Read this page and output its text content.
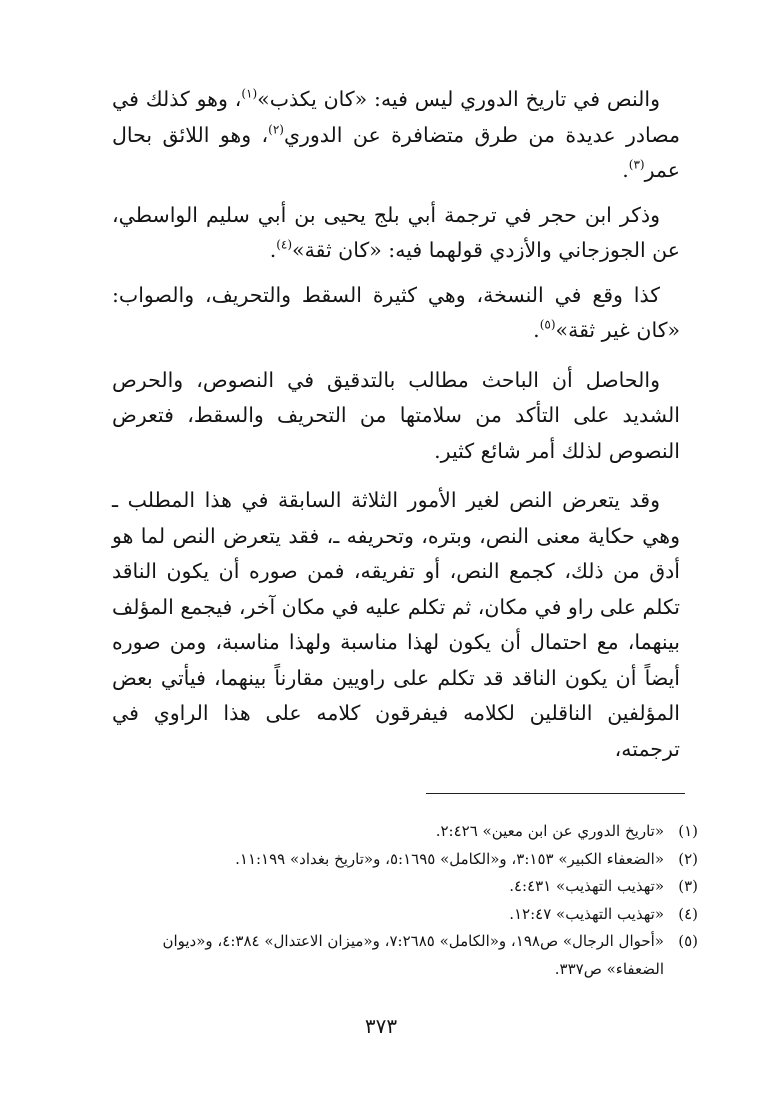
والنص في تاريخ الدوري ليس فيه: «كان يكذب»$^{(١)}$، وهو كذلك في مصادر عديدة من طرق متضافرة عن الدوري$^{(٢)}$، وهو اللائق بحال عمر$^{(٣)}$.

وذكر ابن حجر في ترجمة أبي بلج يحيى بن أبي سليم الواسطي، عن الجوزجاني والأزدي قولهما فيه: «كان ثقة»$^{(٤)}$.

كذا وقع في النسخة، وهي كثيرة السقط والتحريف، والصواب: «كان غير ثقة»$^{(٥)}$.

والحاصل أن الباحث مطالب بالتدقيق في النصوص، والحرص الشديد على التأكد من سلامتها من التحريف والسقط، فتعرض النصوص لذلك أمر شائع كثير.

وقد يتعرض النص لغير الأمور الثلاثة السابقة في هذا المطلب ـ وهي حكاية معنى النص، وبتره، وتحريفه ـ، فقد يتعرض النص لما هو أدق من ذلك، كجمع النص، أو تفريقه، فمن صوره أن يكون الناقد تكلم على راو في مكان، ثم تكلم عليه في مكان آخر، فيجمع المؤلف بينهما، مع احتمال أن يكون لهذا مناسبة ولهذا مناسبة، ومن صوره أيضاً أن يكون الناقد قد تكلم على راويين مقارناً بينهما، فيأتي بعض المؤلفين الناقلين لكلامه فيفرقون كلامه على هذا الراوي في ترجمته،

(١)
«تاريخ الدوري عن ابن معين» ٢:٤٢٦.
(٢)
«الضعفاء الكبير» ٣:١٥٣، و«الكامل» ٥:١٦٩٥، و«تاريخ بغداد» ١١:١٩٩.
(٣)
«تهذيب التهذيب» ٤:٤٣١.
(٤)
«تهذيب التهذيب» ١٢:٤٧.
(٥)
«أحوال الرجال» ص١٩٨، و«الكامل» ٧:٢٦٨٥، و«ميزان الاعتدال» ٤:٣٨٤، و«ديوان الضعفاء» ص٣٣٧.
٣٧٣
